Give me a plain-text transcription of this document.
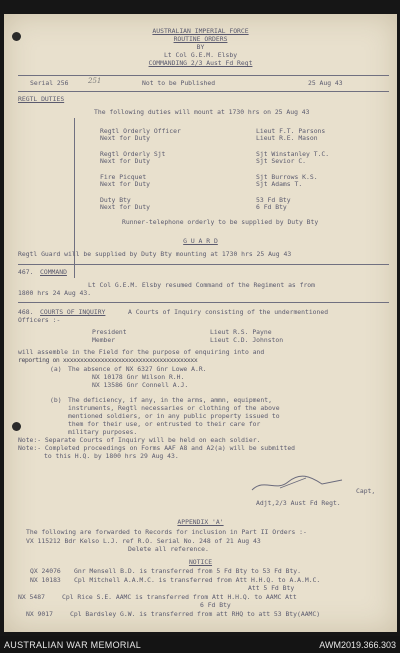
AUSTRALIAN IMPERIAL FORCE
ROUTINE ORDERS
BY
Lt Col G.E.M. Elsby
COMMANDING 2/3 Aust Fd Regt
Serial 256	251	Not to be Published	25 Aug 43
REGTL DUTIES
The following duties will mount at 1730 hrs on 25 Aug 43
Regtl Orderly Officer	Lieut F.T. Parsons
Next for Duty	Lieut R.E. Mason
Regtl Orderly Sjt	Sjt Winstanley T.C.
Next for Duty	Sjt Sevior C.
Fire Picquet	Sjt Burrows K.S.
Next for Duty	Sjt Adams T.
Duty Bty	53 Fd Bty
Next for Duty	6 Fd Bty
Runner-telephone orderly to be supplied by Duty Bty
G U A R D
Regtl Guard will be supplied by Duty Bty mounting at 1730 hrs 25 Aug 43
467. COMMAND
Lt Col G.E.M. Elsby resumed Command of the Regiment as from
1800 hrs 24 Aug 43.
468. COURTS OF INQUIRY	A Courts of Inquiry consisting of the undermentioned
Officers :-
President	Lieut R.S. Payne
Member	Lieut C.D. Johnston
will assemble in the Field for the purpose of enquiring into and
reporting on xxxxxxxxxxxxxxxxxxxxxxxxxxxxxxxxxxxxxxx
(a) The absence of NX 6327 Gnr Lowe A.R.
NX 10178 Gnr Wilson R.H.
NX 13586 Gnr Connell A.J.
(b) The deficiency, if any, in the arms, ammn, equipment,
instruments, Regtl necessaries or clothing of the above
mentioned soldiers, or in any public property issued to
them for their use, or entrusted to their care for
military purposes.
Note:- Separate Courts of Inquiry will be held on each soldier.
Note:- Completed proceedings on Forms AAF A8 and A2(a) will be submitted
to this H.Q. by 1800 hrs 29 Aug 43.
Capt,
Adjt,2/3 Aust Fd Regt.
APPENDIX 'A'
The following are forwarded to Records for inclusion in Part II Orders :-
VX 115212 Bdr Kelso L.J. ref R.O. Serial No. 248 of 21 Aug 43
Delete all reference.
NOTICE
QX 24076 Gnr Mensell B.D. is transferred from 5 Fd Bty to 53 Fd Bty.
NX 10183 Cpl Mitchell A.A.M.C. is transferred from Att H.H.Q. to A.A.M.C.
Att 5 Fd Bty
NX 5487	Cpl Rice S.E. AAMC is transferred from Att H.H.Q. to AAMC Att
6 Fd Bty
NX 9017	Cpl Bardsley G.W. is transferred from att RHQ to att 53 Bty(AAMC)
AUSTRALIAN WAR MEMORIAL	AWM2019.366.303
